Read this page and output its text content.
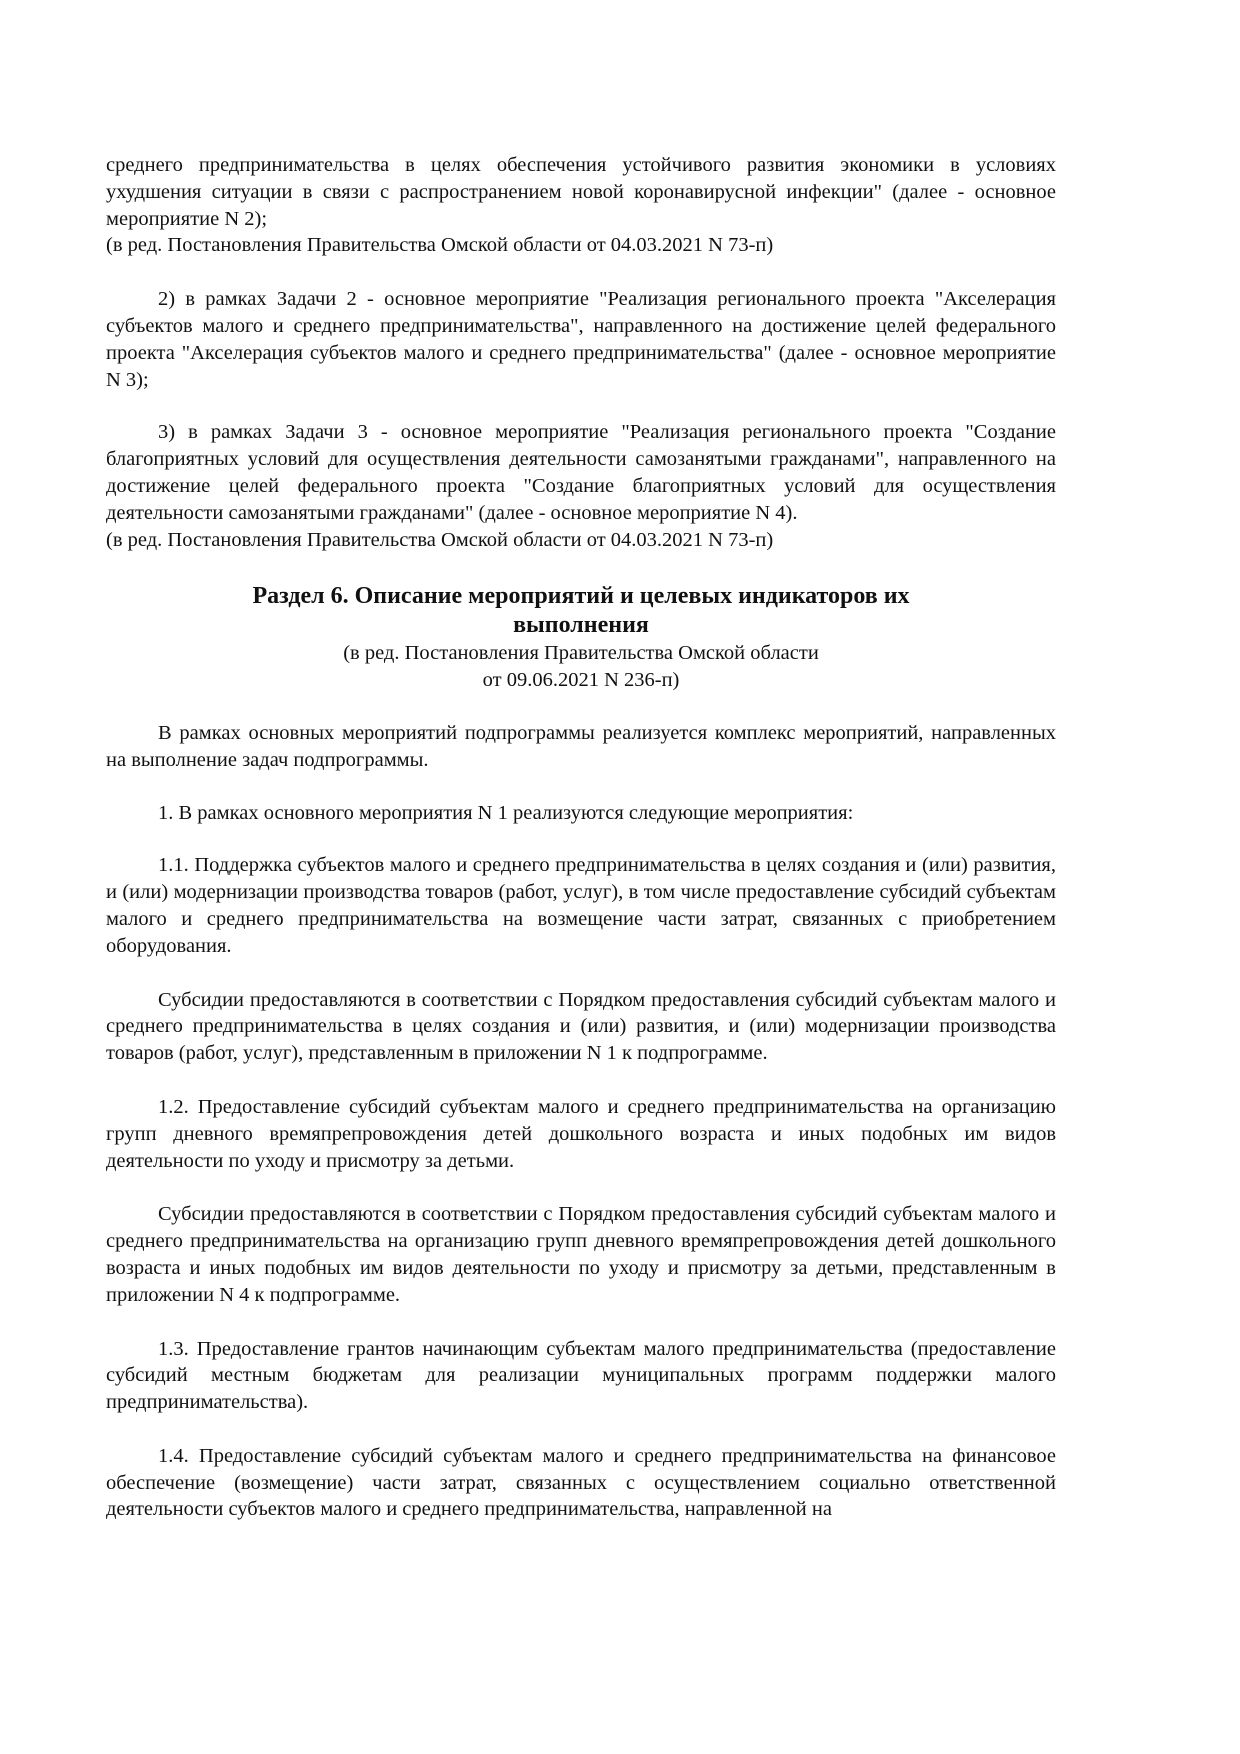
среднего предпринимательства в целях обеспечения устойчивого развития экономики в условиях ухудшения ситуации в связи с распространением новой коронавирусной инфекции" (далее - основное мероприятие N 2);

(в ред. Постановления Правительства Омской области от 04.03.2021 N 73-п)

2) в рамках Задачи 2 - основное мероприятие "Реализация регионального проекта "Акселерация субъектов малого и среднего предпринимательства", направленного на достижение целей федерального проекта "Акселерация субъектов малого и среднего предпринимательства" (далее - основное мероприятие N 3);

3) в рамках Задачи 3 - основное мероприятие "Реализация регионального проекта "Создание благоприятных условий для осуществления деятельности самозанятыми гражданами", направленного на достижение целей федерального проекта "Создание благоприятных условий для осуществления деятельности самозанятыми гражданами" (далее - основное мероприятие N 4).

(в ред. Постановления Правительства Омской области от 04.03.2021 N 73-п)

Раздел 6. Описание мероприятий и целевых индикаторов их

выполнения

(в ред. Постановления Правительства Омской области

от 09.06.2021 N 236-п)

В рамках основных мероприятий подпрограммы реализуется комплекс мероприятий, направленных на выполнение задач подпрограммы.

1. В рамках основного мероприятия N 1 реализуются следующие мероприятия:

1.1. Поддержка субъектов малого и среднего предпринимательства в целях создания и (или) развития, и (или) модернизации производства товаров (работ, услуг), в том числе предоставление субсидий субъектам малого и среднего предпринимательства на возмещение части затрат, связанных с приобретением оборудования.

Субсидии предоставляются в соответствии с Порядком предоставления субсидий субъектам малого и среднего предпринимательства в целях создания и (или) развития, и (или) модернизации производства товаров (работ, услуг), представленным в приложении N 1 к подпрограмме.

1.2. Предоставление субсидий субъектам малого и среднего предпринимательства на организацию групп дневного времяпрепровождения детей дошкольного возраста и иных подобных им видов деятельности по уходу и присмотру за детьми.

Субсидии предоставляются в соответствии с Порядком предоставления субсидий субъектам малого и среднего предпринимательства на организацию групп дневного времяпрепровождения детей дошкольного возраста и иных подобных им видов деятельности по уходу и присмотру за детьми, представленным в приложении N 4 к подпрограмме.

1.3. Предоставление грантов начинающим субъектам малого предпринимательства (предоставление субсидий местным бюджетам для реализации муниципальных программ поддержки малого предпринимательства).

1.4. Предоставление субсидий субъектам малого и среднего предпринимательства на финансовое обеспечение (возмещение) части затрат, связанных с осуществлением социально ответственной деятельности субъектов малого и среднего предпринимательства, направленной на
